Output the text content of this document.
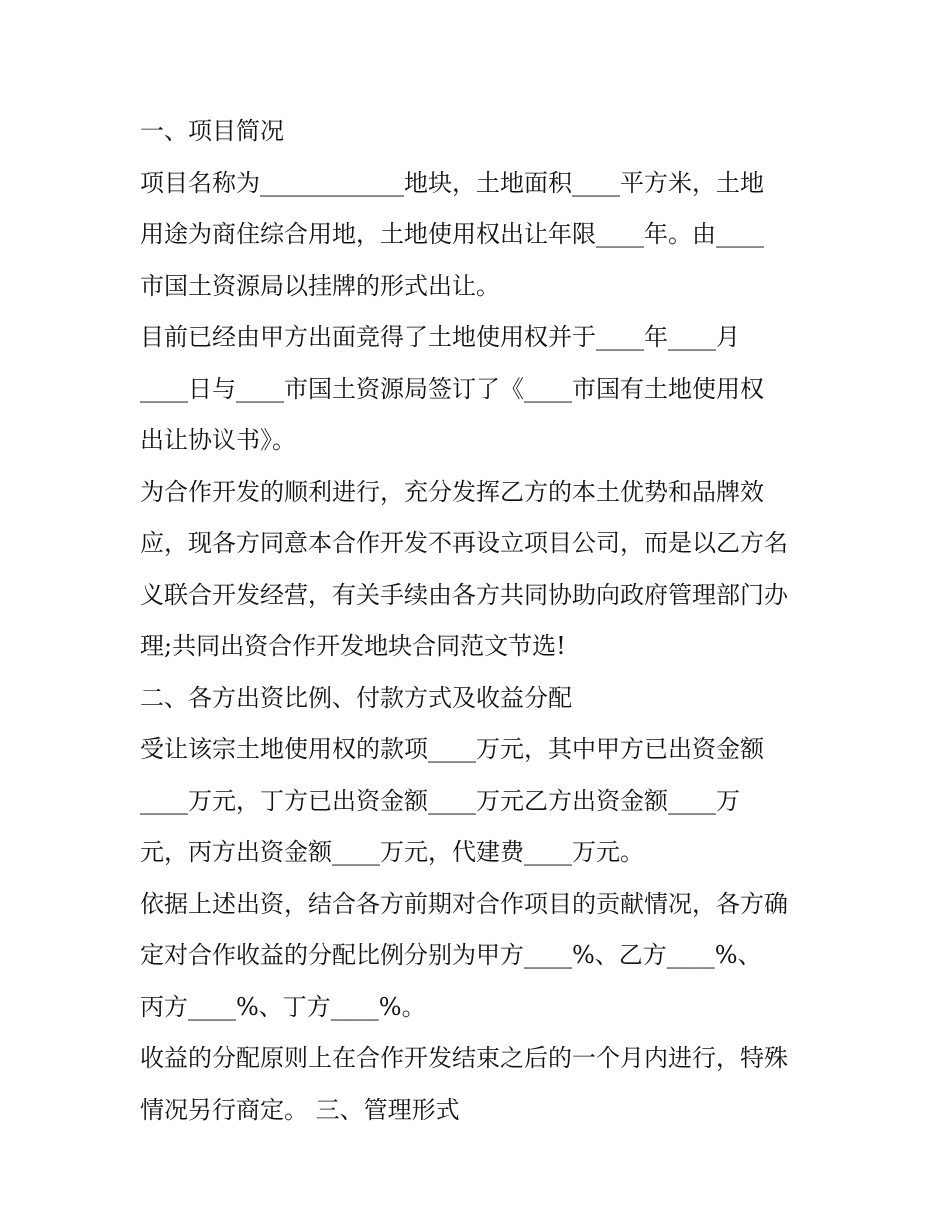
一、项目简况
项目名称为____________地块，土地面积____平方米，土地
用途为商住综合用地，土地使用权出让年限____年。由____
市国土资源局以挂牌的形式出让。
目前已经由甲方出面竞得了土地使用权并于____年____月
____日与____市国土资源局签订了《____市国有土地使用权
出让协议书》。
为合作开发的顺利进行，充分发挥乙方的本土优势和品牌效
应，现各方同意本合作开发不再设立项目公司，而是以乙方名
义联合开发经营，有关手续由各方共同协助向政府管理部门办
理;共同出资合作开发地块合同范文节选!
二、各方出资比例、付款方式及收益分配
受让该宗土地使用权的款项____万元，其中甲方已出资金额
____万元，丁方已出资金额____万元乙方出资金额____万
元，丙方出资金额____万元，代建费____万元。
依据上述出资，结合各方前期对合作项目的贡献情况，各方确
定对合作收益的分配比例分别为甲方____%、乙方____%、
丙方____%、丁方____%。
收益的分配原则上在合作开发结束之后的一个月内进行，特殊
情况另行商定。 三、管理形式
